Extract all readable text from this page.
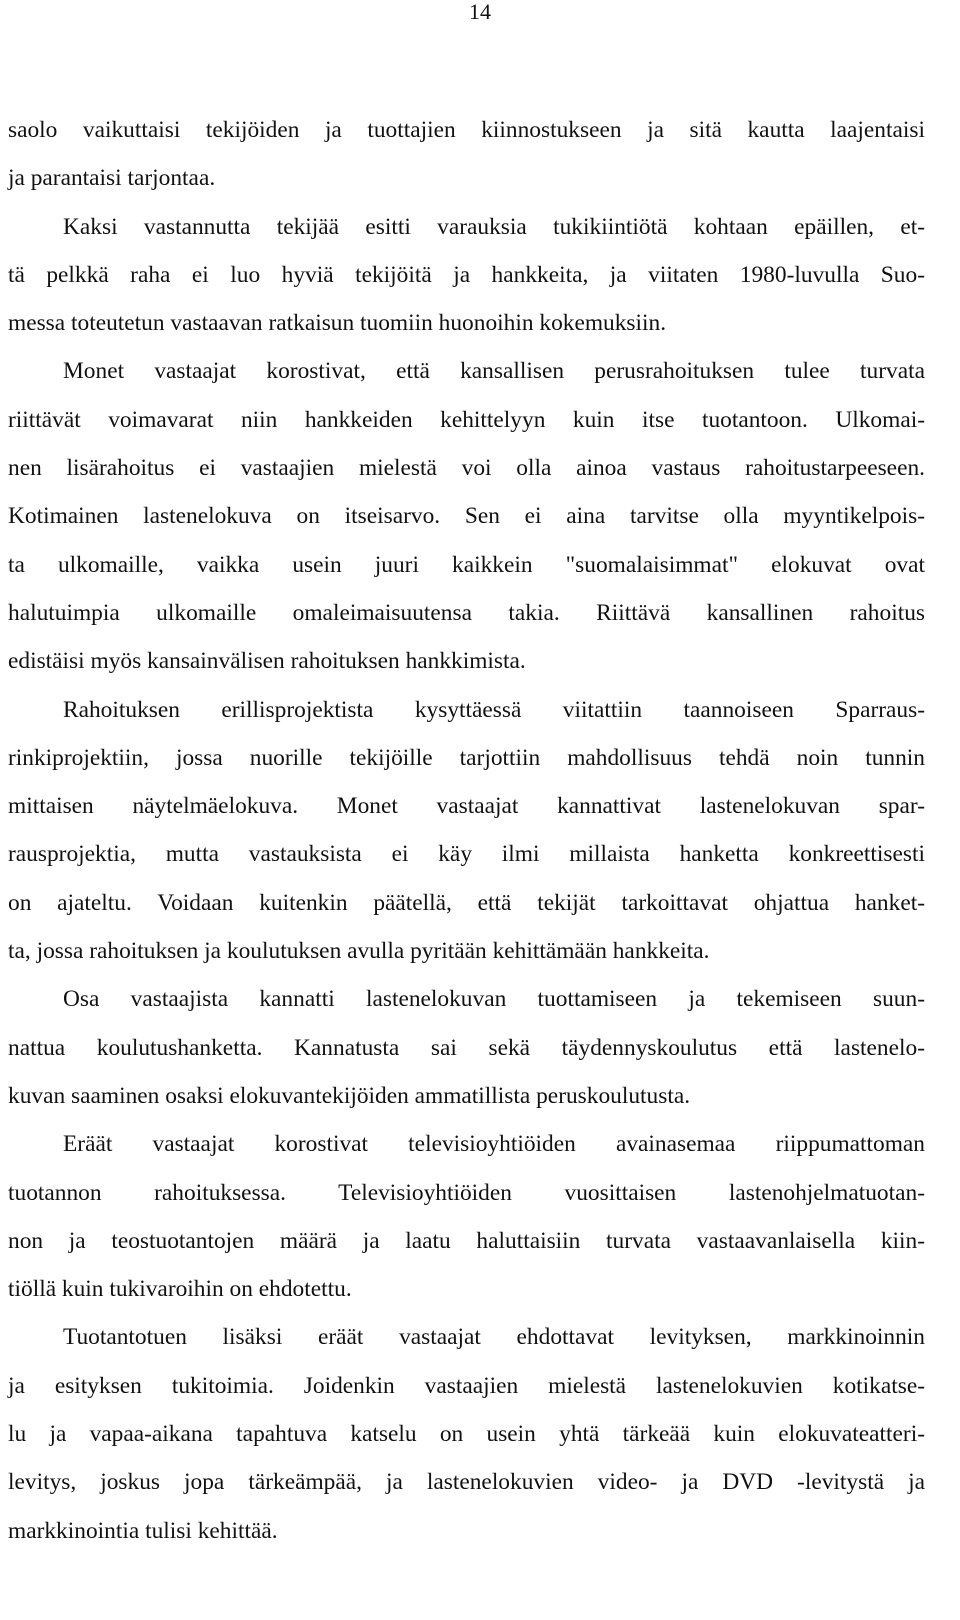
14
saolo vaikuttaisi tekijöiden ja tuottajien kiinnostukseen ja sitä kautta laajentaisi
ja parantaisi tarjontaa.
Kaksi vastannutta tekijää esitti varauksia tukikiintiötä kohtaan epäillen, et-
tä pelkkä raha ei luo hyviä tekijöitä ja hankkeita, ja viitaten 1980-luvulla Suo-
messa toteutetun vastaavan ratkaisun tuomiin huonoihin kokemuksiin.
Monet vastaajat korostivat, että kansallisen perusrahoituksen tulee turvata
riittävät voimavarat niin hankkeiden kehittelyyn kuin itse tuotantoon. Ulkomai-
nen lisärahoitus ei vastaajien mielestä voi olla ainoa vastaus rahoitustarpeeseen.
Kotimainen lastenelokuva on itseisarvo. Sen ei aina tarvitse olla myyntikelpois-
ta ulkomaille, vaikka usein juuri kaikkein "suomalaisimmat" elokuvat ovat
halutuimpia ulkomaille omaleimaisuutensa takia. Riittävä kansallinen rahoitus
edistäisi myös kansainvälisen rahoituksen hankkimista.
Rahoituksen erillisprojektista kysyttäessä viitattiin taannoiseen Sparraus-
rinkiprojektiin, jossa nuorille tekijöille tarjottiin mahdollisuus tehdä noin tunnin
mittaisen näytelmäelokuva. Monet vastaajat kannattivat lastenelokuvan spar-
rausprojektia, mutta vastauksista ei käy ilmi millaista hanketta konkreettisesti
on ajateltu. Voidaan kuitenkin päätellä, että tekijät tarkoittavat ohjattua hanket-
ta, jossa rahoituksen ja koulutuksen avulla pyritään kehittämään hankkeita.
Osa vastaajista kannatti lastenelokuvan tuottamiseen ja tekemiseen suun-
nattua koulutushanketta. Kannatusta sai sekä täydennyskoulutus että lastenelo-
kuvan saaminen osaksi elokuvantekijöiden ammatillista peruskoulutusta.
Eräät vastaajat korostivat televisioyhtiöiden avainasemaa riippumattoman
tuotannon rahoituksessa. Televisioyhtiöiden vuosittaisen lastenohjelmatuotan-
non ja teostuotantojen määrä ja laatu haluttaisiin turvata vastaavanlaisella kiin-
tiöllä kuin tukivaroihin on ehdotettu.
Tuotantotuen lisäksi eräät vastaajat ehdottavat levityksen, markkinoinnin
ja esityksen tukitoimia. Joidenkin vastaajien mielestä lastenelokuvien kotikatse-
lu ja vapaa-aikana tapahtuva katselu on usein yhtä tärkeää kuin elokuvateatteri-
levitys, joskus jopa tärkeämpää, ja lastenelokuvien video- ja DVD -levitystä ja
markkinointia tulisi kehittää.
